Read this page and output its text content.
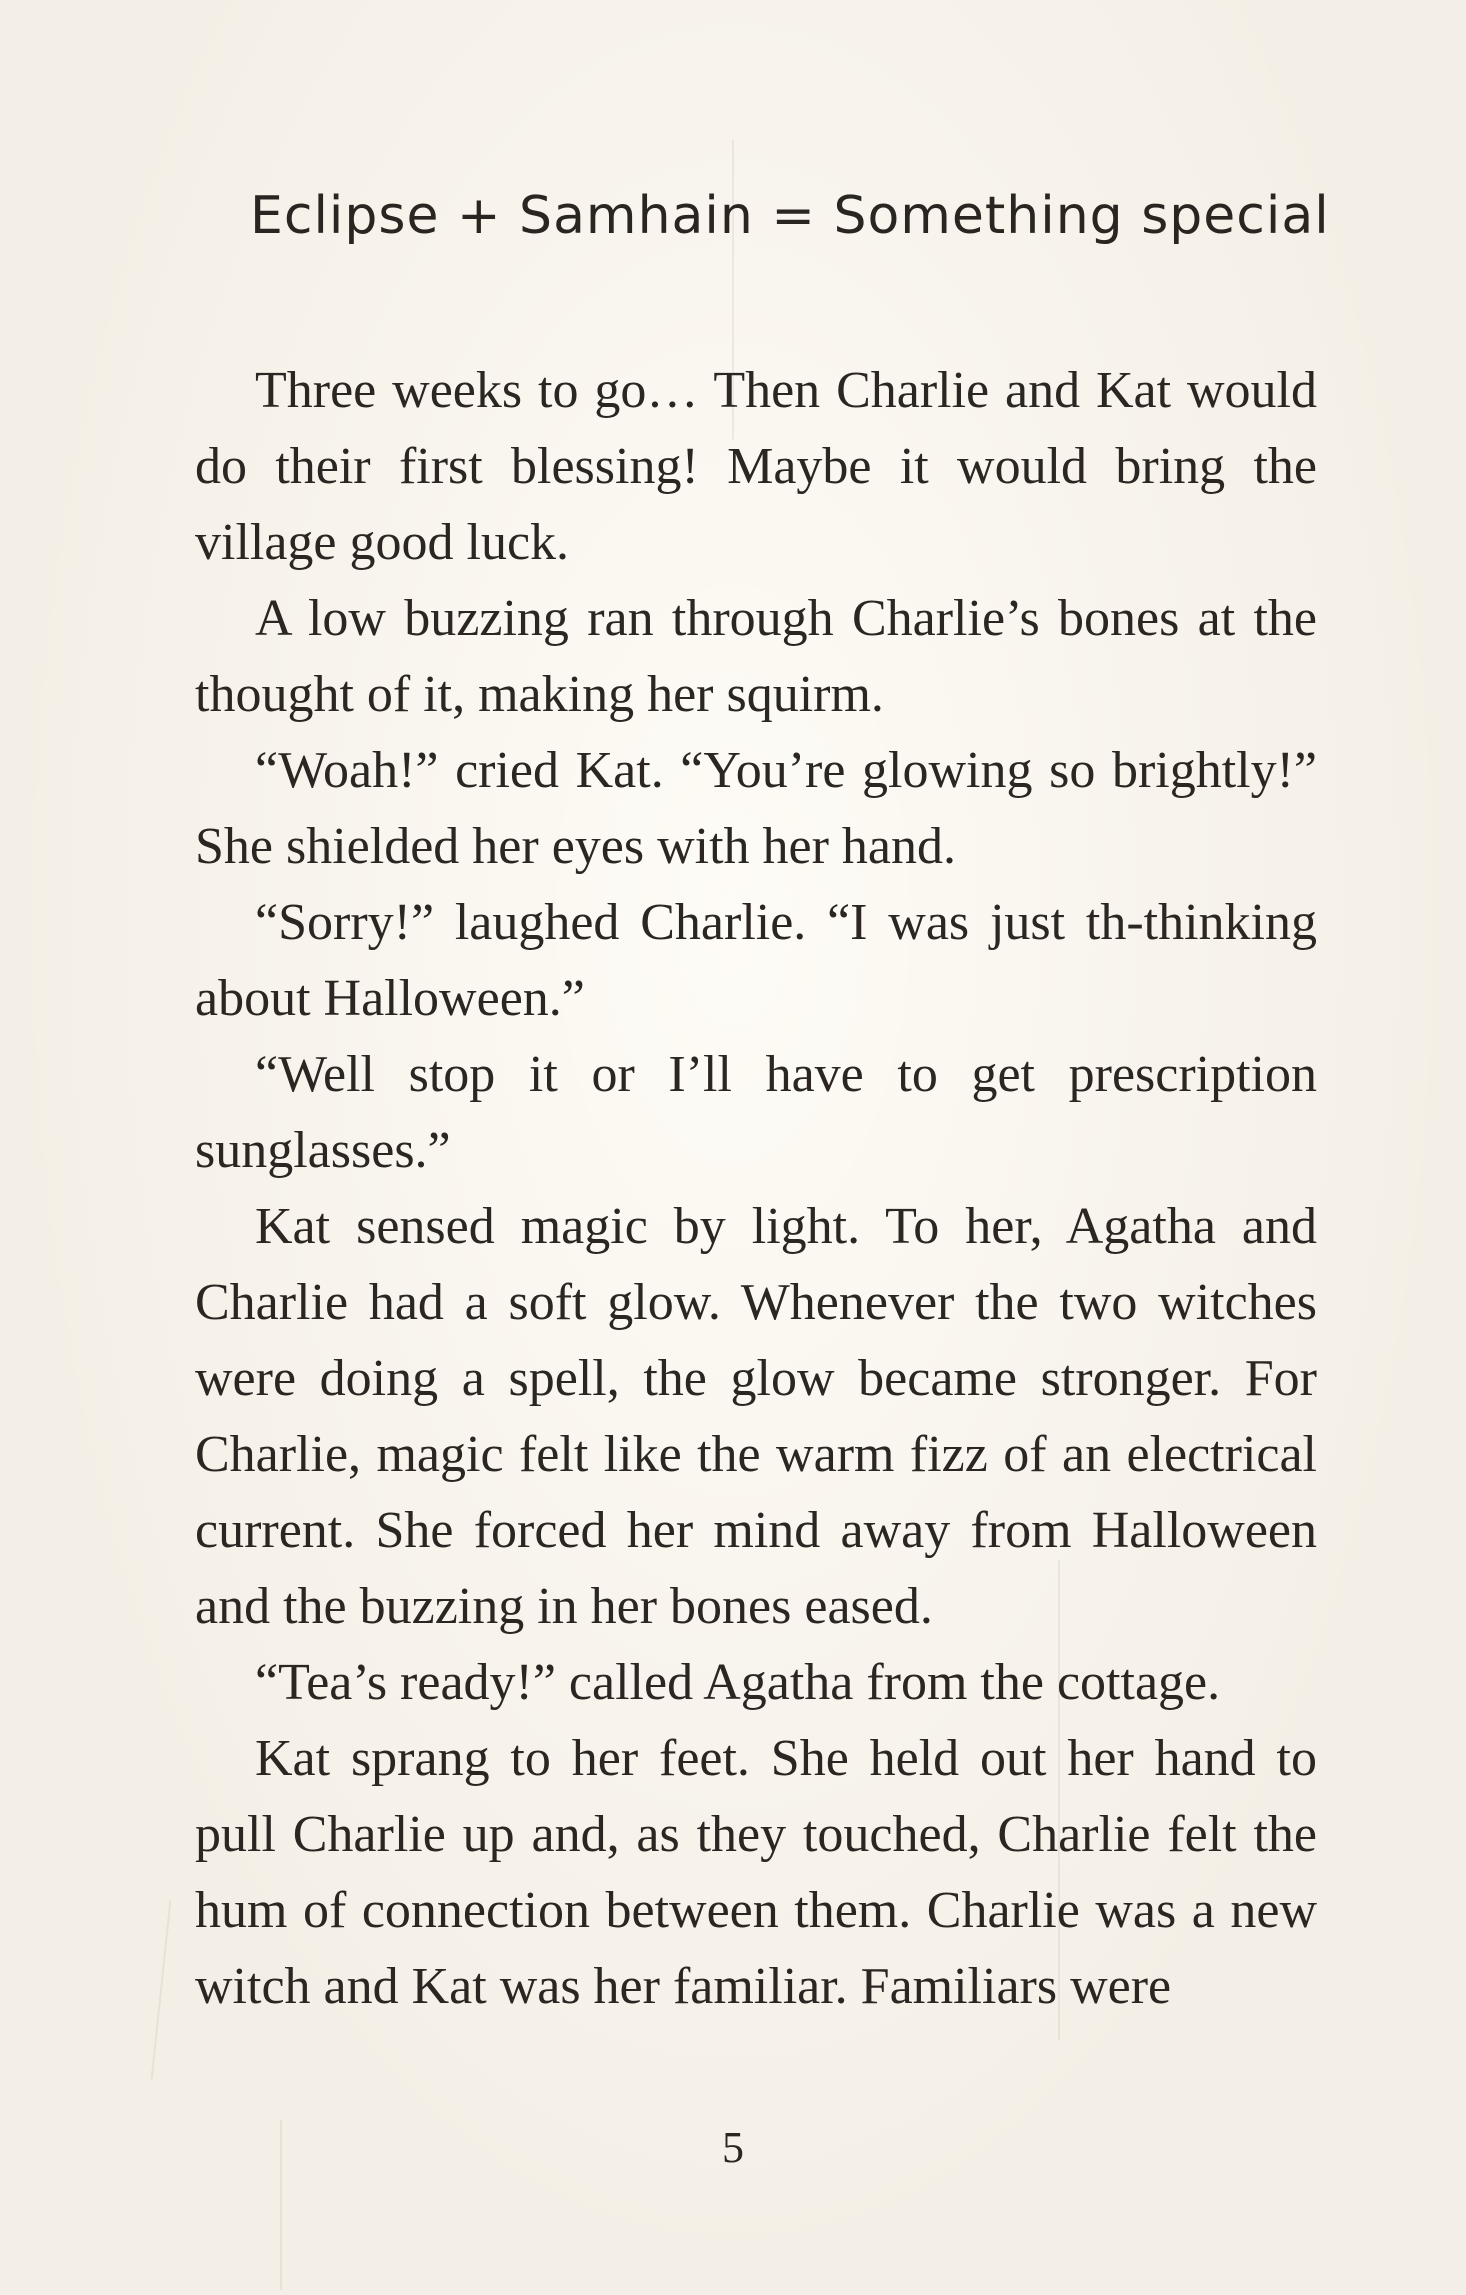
Eclipse + Samhain = Something special

Three weeks to go… Then Charlie and Kat would do their first blessing! Maybe it would bring the village good luck.

A low buzzing ran through Charlie’s bones at the thought of it, making her squirm.

“Woah!” cried Kat. “You’re glowing so brightly!” She shielded her eyes with her hand.

“Sorry!” laughed Charlie. “I was just th-thinking about Halloween.”

“Well stop it or I’ll have to get prescription sunglasses.”

Kat sensed magic by light. To her, Agatha and Charlie had a soft glow. Whenever the two witches were doing a spell, the glow became stronger. For Charlie, magic felt like the warm fizz of an electrical current. She forced her mind away from Halloween and the buzzing in her bones eased.

“Tea’s ready!” called Agatha from the cottage.

Kat sprang to her feet. She held out her hand to pull Charlie up and, as they touched, Charlie felt the hum of connection between them. Charlie was a new witch and Kat was her familiar. Familiars were

5
